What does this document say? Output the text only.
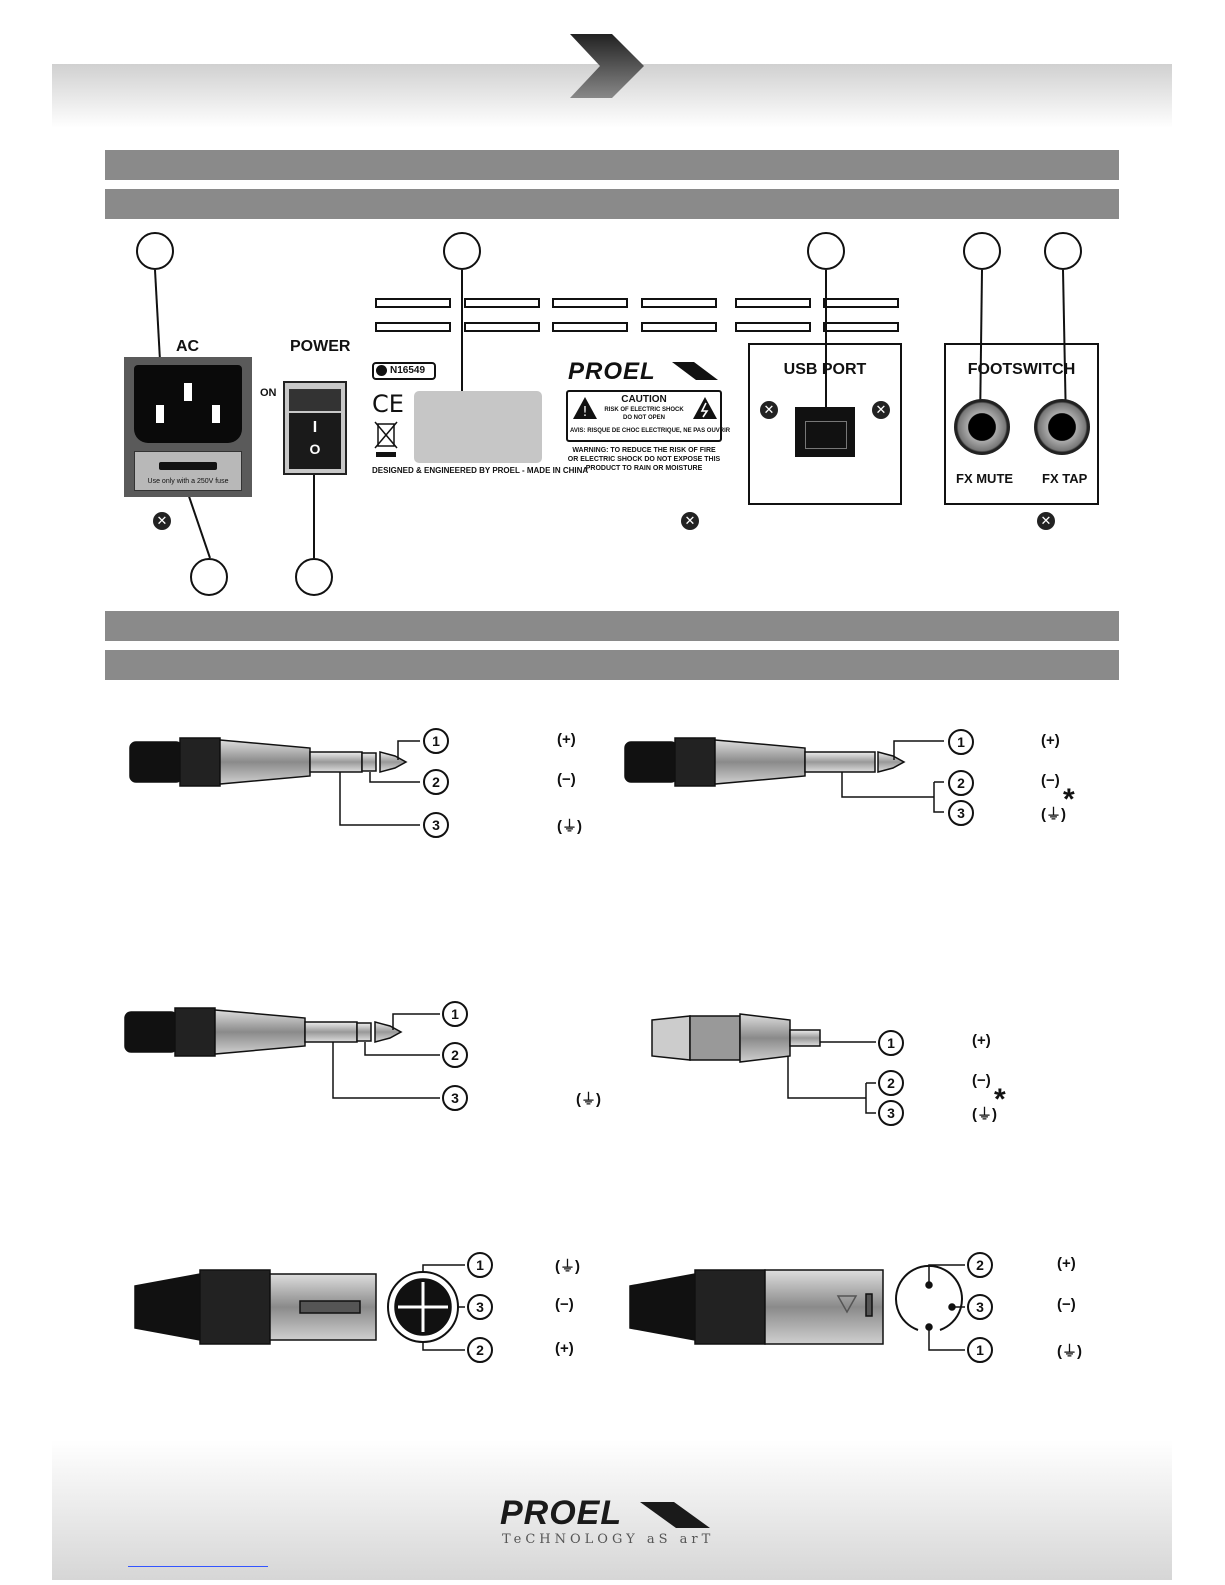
AC
Use only with a 250V fuse
✕
POWER
ON
I
O
N16549
CE
DESIGNED & ENGINEERED BY PROEL - MADE IN CHINA
PROEL
!
CAUTION
RISK OF ELECTRIC SHOCK
DO NOT OPEN
AVIS: RISQUE DE CHOC ELECTRIQUE, NE PAS OUVRIR
WARNING: TO REDUCE THE RISK OF FIRE
OR ELECTRIC SHOCK DO NOT EXPOSE THIS
PRODUCT TO RAIN OR MOISTURE
✕
USB PORT
✕	✕
FOOTSWITCH
FX MUTE FX TAP
✕
1
2
3
(+)
(−)
(⏚)
1
2
3
(+)
(−)
(⏚)
*
1
2
3	(⏚)
1
2
3
(+)
(−)
(⏚)
*
1
3
2
(⏚)
(−)
(+)
2
3
1
(+)
(−)
(⏚)
PROEL
TeCHNOLOGY aS arT
